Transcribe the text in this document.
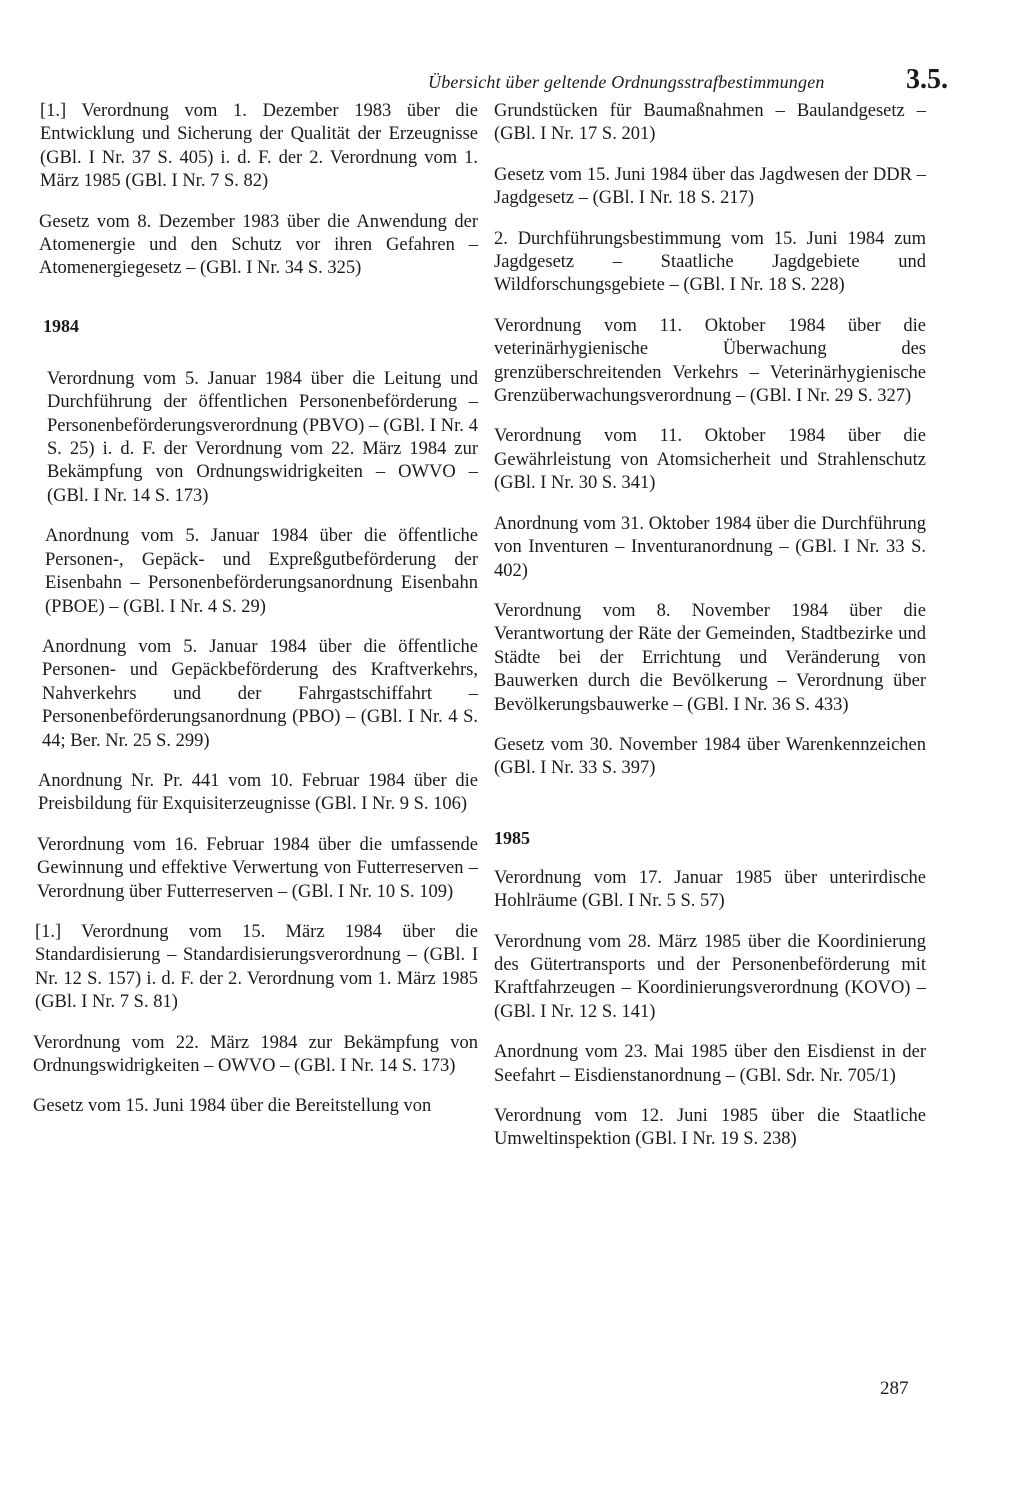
Übersicht über geltende Ordnungsstrafbestimmungen	3.5.

[1.] Verordnung vom 1. Dezember 1983 über die Entwicklung und Sicherung der Qualität der Erzeugnisse (GBl. I Nr. 37 S. 405) i. d. F. der 2. Verordnung vom 1. März 1985 (GBl. I Nr. 7 S. 82)

Gesetz vom 8. Dezember 1983 über die Anwendung der Atomenergie und den Schutz vor ihren Gefahren – Atomenergiegesetz – (GBl. I Nr. 34 S. 325)

1984

Verordnung vom 5. Januar 1984 über die Leitung und Durchführung der öffentlichen Personenbeförderung – Personenbeförderungsverordnung (PBVO) – (GBl. I Nr. 4 S. 25) i. d. F. der Verordnung vom 22. März 1984 zur Bekämpfung von Ordnungswidrigkeiten – OWVO – (GBl. I Nr. 14 S. 173)

Anordnung vom 5. Januar 1984 über die öffentliche Personen-, Gepäck- und Expreßgutbeförderung der Eisenbahn – Personenbeförderungsanordnung Eisenbahn (PBOE) – (GBl. I Nr. 4 S. 29)

Anordnung vom 5. Januar 1984 über die öffentliche Personen- und Gepäckbeförderung des Kraftverkehrs, Nahverkehrs und der Fahrgastschiffahrt – Personenbeförderungsanordnung (PBO) – (GBl. I Nr. 4 S. 44; Ber. Nr. 25 S. 299)

Anordnung Nr. Pr. 441 vom 10. Februar 1984 über die Preisbildung für Exquisiterzeugnisse (GBl. I Nr. 9 S. 106)

Verordnung vom 16. Februar 1984 über die umfassende Gewinnung und effektive Verwertung von Futterreserven – Verordnung über Futterreserven – (GBl. I Nr. 10 S. 109)

[1.] Verordnung vom 15. März 1984 über die Standardisierung – Standardisierungsverordnung – (GBl. I Nr. 12 S. 157) i. d. F. der 2. Verordnung vom 1. März 1985 (GBl. I Nr. 7 S. 81)

Verordnung vom 22. März 1984 zur Bekämpfung von Ordnungswidrigkeiten – OWVO – (GBl. I Nr. 14 S. 173)

Gesetz vom 15. Juni 1984 über die Bereitstellung von

Grundstücken für Baumaßnahmen – Baulandgesetz – (GBl. I Nr. 17 S. 201)

Gesetz vom 15. Juni 1984 über das Jagdwesen der DDR – Jagdgesetz – (GBl. I Nr. 18 S. 217)

2. Durchführungsbestimmung vom 15. Juni 1984 zum Jagdgesetz – Staatliche Jagdgebiete und Wildforschungsgebiete – (GBl. I Nr. 18 S. 228)

Verordnung vom 11. Oktober 1984 über die veterinärhygienische Überwachung des grenzüberschreitenden Verkehrs – Veterinärhygienische Grenzüberwachungsverordnung – (GBl. I Nr. 29 S. 327)

Verordnung vom 11. Oktober 1984 über die Gewährleistung von Atomsicherheit und Strahlenschutz (GBl. I Nr. 30 S. 341)

Anordnung vom 31. Oktober 1984 über die Durchführung von Inventuren – Inventuranordnung – (GBl. I Nr. 33 S. 402)

Verordnung vom 8. November 1984 über die Verantwortung der Räte der Gemeinden, Stadtbezirke und Städte bei der Errichtung und Veränderung von Bauwerken durch die Bevölkerung – Verordnung über Bevölkerungsbauwerke – (GBl. I Nr. 36 S. 433)

Gesetz vom 30. November 1984 über Warenkennzeichen (GBl. I Nr. 33 S. 397)

1985

Verordnung vom 17. Januar 1985 über unterirdische Hohlräume (GBl. I Nr. 5 S. 57)

Verordnung vom 28. März 1985 über die Koordinierung des Gütertransports und der Personenbeförderung mit Kraftfahrzeugen – Koordinierungsverordnung (KOVO) – (GBl. I Nr. 12 S. 141)

Anordnung vom 23. Mai 1985 über den Eisdienst in der Seefahrt – Eisdienstanordnung – (GBl. Sdr. Nr. 705/1)

Verordnung vom 12. Juni 1985 über die Staatliche Umweltinspektion (GBl. I Nr. 19 S. 238)

287
